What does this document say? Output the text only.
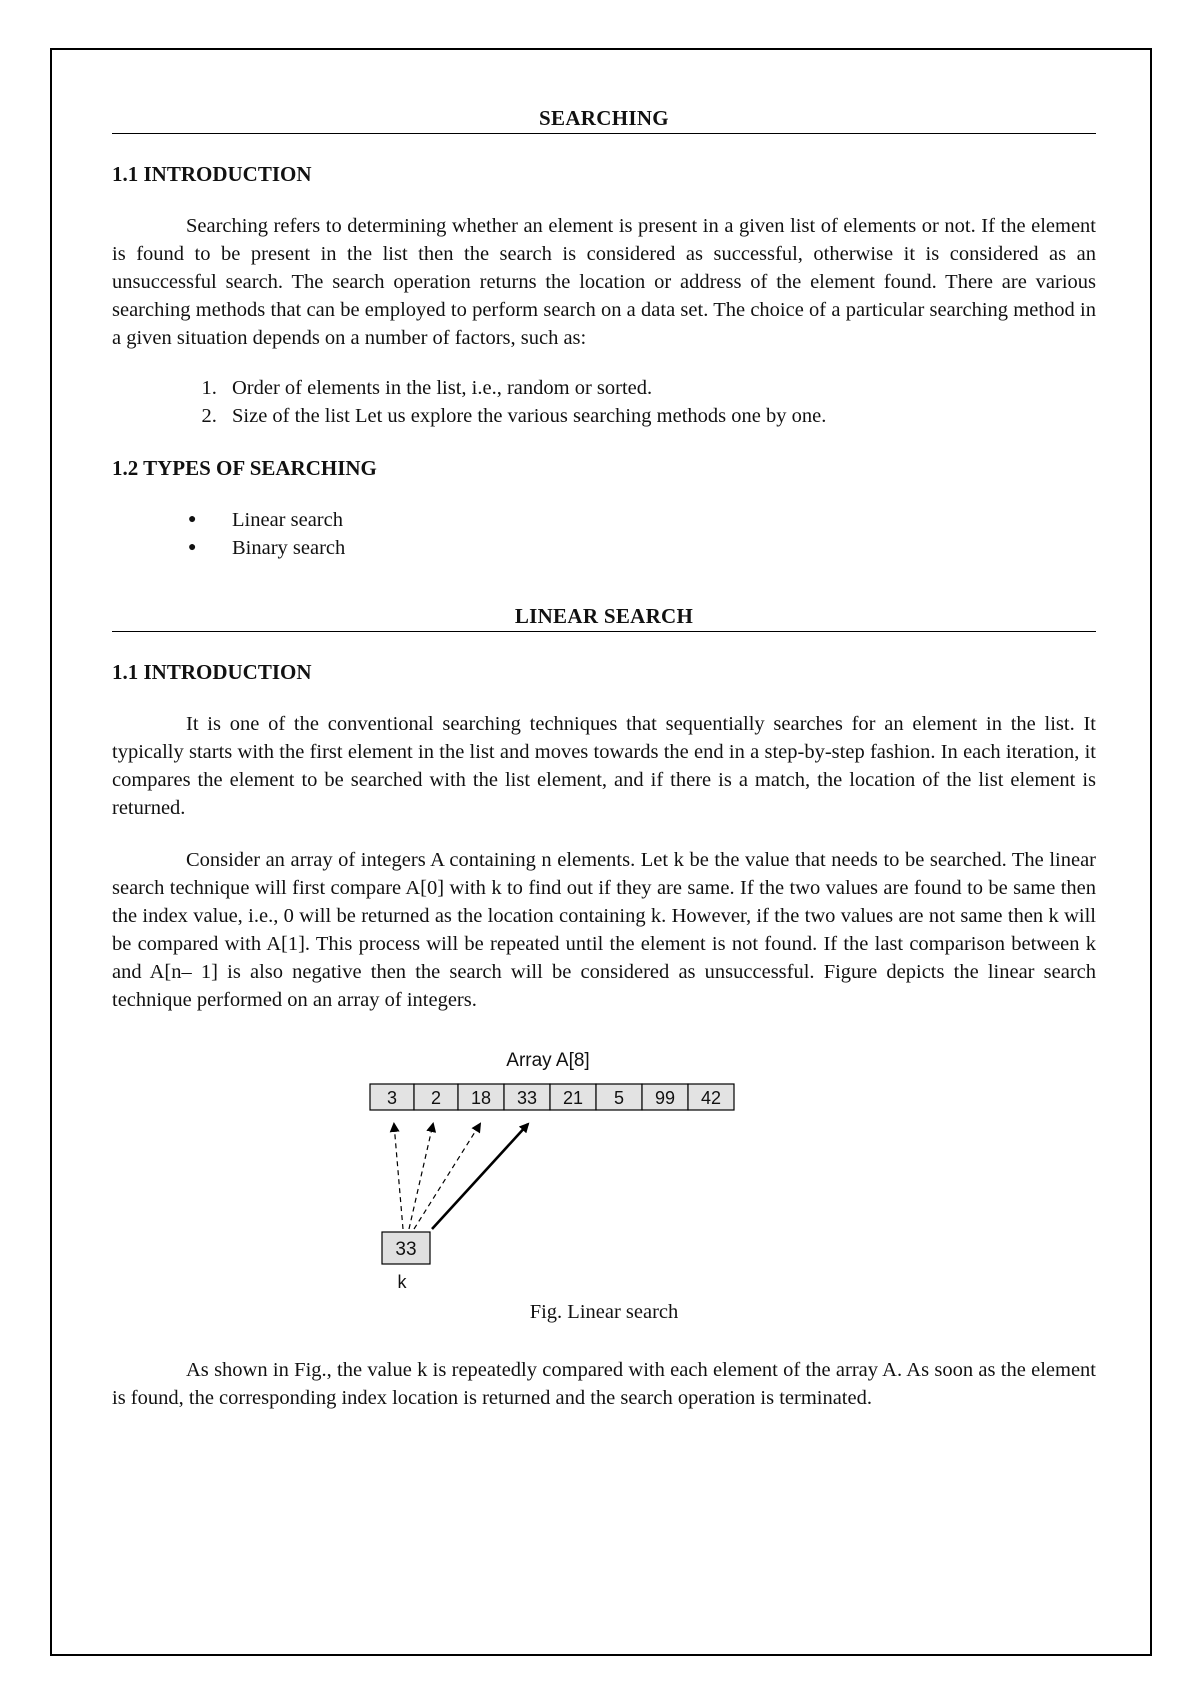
SEARCHING
1.1 INTRODUCTION

Searching refers to determining whether an element is present in a given list of elements or not. If the element is found to be present in the list then the search is considered as successful, otherwise it is considered as an unsuccessful search. The search operation returns the location or address of the element found. There are various searching methods that can be employed to perform search on a data set. The choice of a particular searching method in a given situation depends on a number of factors, such as:

1. Order of elements in the list, i.e., random or sorted.
2. Size of the list Let us explore the various searching methods one by one.
1.2 TYPES OF SEARCHING
● Linear search
● Binary search
LINEAR SEARCH
1.1 INTRODUCTION

It is one of the conventional searching techniques that sequentially searches for an element in the list. It typically starts with the first element in the list and moves towards the end in a step-by-step fashion. In each iteration, it compares the element to be searched with the list element, and if there is a match, the location of the list element is returned.

Consider an array of integers A containing n elements. Let k be the value that needs to be searched. The linear search technique will first compare A[0] with k to find out if they are same. If the two values are found to be same then the index value, i.e., 0 will be returned as the location containing k. However, if the two values are not same then k will be compared with A[1]. This process will be repeated until the element is not found. If the last comparison between k and A[n– 1] is also negative then the search will be considered as unsuccessful. Figure depicts the linear search technique performed on an array of integers.

Array A[8]
3 2 18 33 21 5 99 42
33
k

Fig. Linear search

As shown in Fig., the value k is repeatedly compared with each element of the array A. As soon as the element is found, the corresponding index location is returned and the search operation is terminated.
